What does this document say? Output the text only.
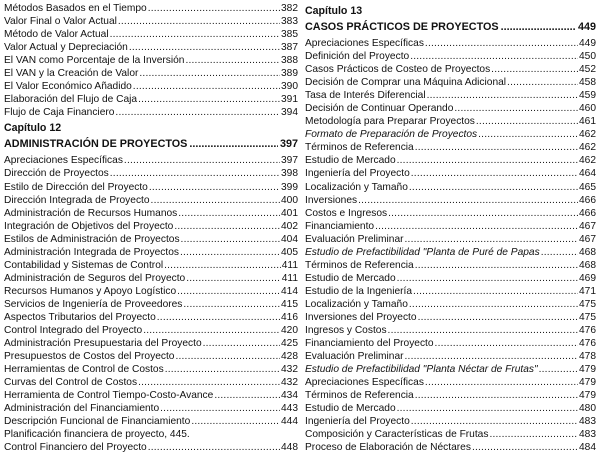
Métodos Basados en el Tiempo .....	382
Valor Final o Valor Actual .....	383
Método de Valor Actual .....	385
Valor Actual y Depreciación .....	387
El VAN como Porcentaje de la Inversión .....	388
El VAN y la Creación de Valor .....	389
El Valor Económico Añadido .....	390
Elaboración del Flujo de Caja .....	391
Flujo de Caja Financiero .....	394
Capítulo 12
ADMINISTRACIÓN DE PROYECTOS .....	397
Apreciaciones Específicas .....	397
Dirección de Proyectos .....	398
Estilo de Dirección del Proyecto .....	399
Dirección Integrada de Proyecto .....	400
Administración de Recursos Humanos .....	401
Integración de Objetivos del Proyecto .....	402
Estilos de Administración de Proyectos .....	404
Administración Integrada de Proyectos .....	405
Contabilidad y Sistemas de Control .....	411
Administración de Seguros del Proyecto .....	411
Recursos Humanos y Apoyo Logístico .....	414
Servicios de Ingeniería de Proveedores .....	415
Aspectos Tributarios del Proyecto .....	416
Control Integrado del Proyecto .....	420
Administración Presupuestaria del Proyecto .....	425
Presupuestos de Costos del Proyecto .....	428
Herramientas de Control de Costos .....	432
Curvas del Control de Costos .....	432
Herramienta de Control Tiempo-Costo-Avance .....	434
Administración del Financiamiento .....	443
Descripción Funcional de Financiamiento .....	444
Planificación financiera de proyecto, 445.
Control Financiero del Proyecto .....	448
Capítulo 13
CASOS PRÁCTICOS DE PROYECTOS .....	449
Apreciaciones Específicas .....	449
Definición del Proyecto .....	450
Casos Prácticos de Costeo de Proyectos .....	452
Decisión de Comprar una Máquina Adicional .....	458
Tasa de Interés Diferencial .....	459
Decisión de Continuar Operando .....	460
Metodología para Preparar Proyectos .....	461
Formato de Preparación de Proyectos .....	462
Términos de Referencia .....	462
Estudio de Mercado .....	462
Ingeniería del Proyecto .....	464
Localización y Tamaño .....	465
Inversiones .....	466
Costos e Ingresos .....	466
Financiamiento .....	467
Evaluación Preliminar .....	467
Estudio de Prefactibilidad "Planta de Puré de Papas .....	468
Términos de Referencia .....	468
Estudio de Mercado .....	469
Estudio de la Ingeniería .....	471
Localización y Tamaño .....	475
Inversiones del Proyecto .....	475
Ingresos y Costos .....	476
Financiamiento del Proyecto .....	476
Evaluación Preliminar .....	478
Estudio de Prefactibilidad "Planta Néctar de Frutas" .....	479
Apreciaciones Específicas .....	479
Términos de Referencia .....	479
Estudio de Mercado .....	480
Ingeniería del Proyecto .....	483
Composición y Características de Frutas .....	483
Proceso de Elaboración de Néctares .....	484
